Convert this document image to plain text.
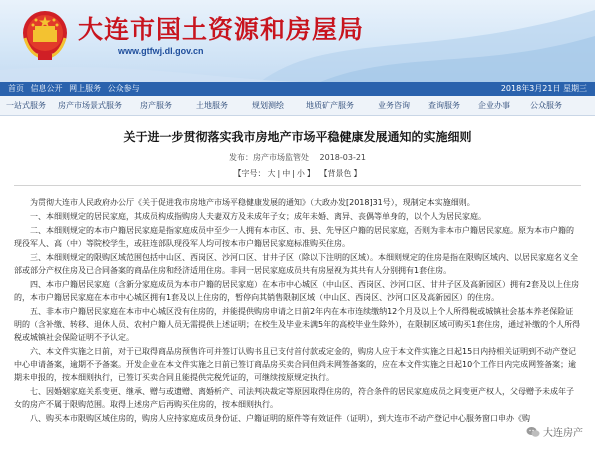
大连市国土资源和房屋局
www.gtfwj.dl.gov.cn
首页 信息公开 网上服务 公众参与	2018年3月21日 星期三
一站式服务 房产市场景式服务 房产服务	土地服务	规划测绘	地质矿产服务	业务咨询 查询服务 企业办事	公众服务
关于进一步贯彻落实我市房地产市场平稳健康发展通知的实施细则
发布：房产市场监管处 2018-03-21
【字号： 大 | 中 | 小 】 【背景色 】

为贯彻大连市人民政府办公厅《关于促进我市房地产市场平稳健康发展的通知》（大政办发[2018]31号），现制定本实施细则。

一、本细则规定的居民家庭，其成员构成指购房人夫妻双方及未成年子女；成年未婚、离异、丧偶等单身的，以个人为居民家庭。

二、本细则规定的本市户籍居民家庭是指家庭成员中至少一人拥有本市区、市、县、先导区户籍的居民家庭，否则为非本市户籍居民家庭。原为本市户籍的现役军人、高（中）等院校学生，或驻连部队现役军人均可按本市户籍居民家庭标准购买住房。

三、本细则规定的限购区域范围包括中山区、西岗区、沙河口区、甘井子区（除以下注明的区域）。本细则规定的住房是指在限购区域内、以居民家庭名义全部或部分产权住房及已合同备案的商品住房和经济适用住房。非同一居民家庭成员共有房屋视为其共有人分别拥有1套住房。

四、本市户籍居民家庭（含新分家庭成员为本市户籍的居民家庭）在本市中心城区（中山区、西岗区、沙河口区、甘井子区及高新园区）拥有2套及以上住房的，本市户籍居民家庭在本市中心城区拥有1套及以上住房的，暂停向其销售限制区域（中山区、西岗区、沙河口区及高新园区）的住房。

五、非本市户籍居民家庭在本市中心城区没有住房的，并能提供购房申请之日前2年内在本市连续缴纳12个月及以上个人所得税或城镇社会基本养老保险证明的（含补缴、转移、退休人员、农村户籍人员无需提供上述证明；在校生及毕业未满5年的高校毕业生除外），在限制区域可购买1套住房，通过补缴的个人所得税或城镇社会保险证明不予认定。

六、本文件实施之日前，对于已取得商品房预售许可并签订认购书且已支付首付款或定金的，购房人应于本文件实施之日起15日内持相关证明到不动产登记中心申请备案，逾期不予备案。开发企业在本文件实施之日前已签订商品房买卖合同但尚未网签备案的，应在本文件实施之日起10个工作日内完成网签备案；逾期未申报的，按本细则执行，已签订买卖合同且能提供完税凭证的，可继续按原规定执行。

七、因婚姻家庭关系变更、继承、赠与或遗赠、离婚析产、司法判决裁定等原因取得住房的，符合条件的居民家庭成员之间变更产权人，父母赠予未成年子女的房产不属于限购范围。取得上述房产后再购买住房的，按本细则执行。

八、购买本市限购区域住房的，购房人应持家庭成员身份证、户籍证明的原件等有效证件（证明），到大连市不动产登记中心服务窗口申办《购

大连房产
